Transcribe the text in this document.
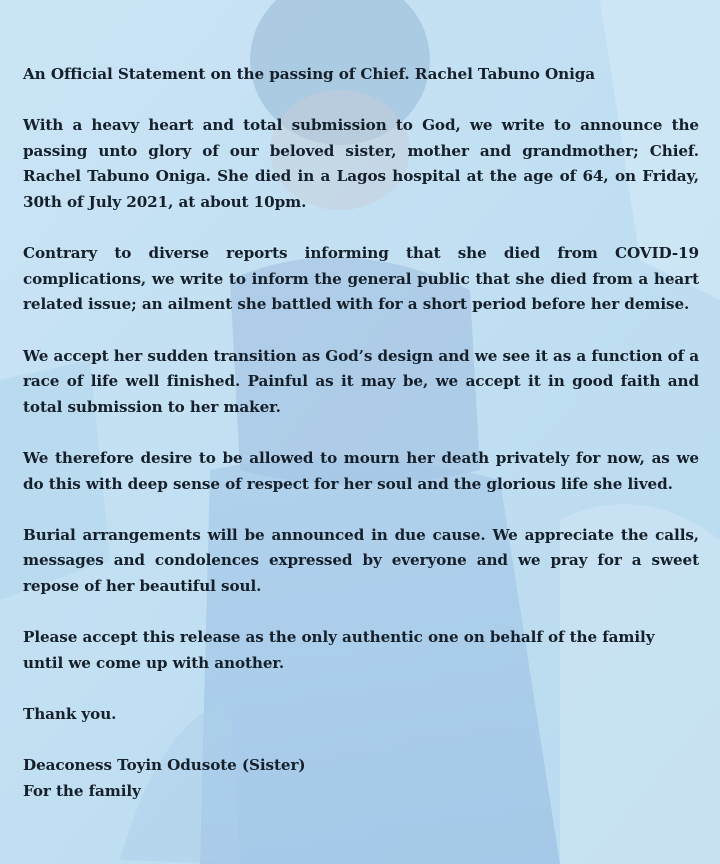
An Official Statement on the passing of Chief. Rachel Tabuno Oniga

With a heavy heart and total submission to God, we write to announce the passing unto glory of our beloved sister, mother and grandmother; Chief. Rachel Tabuno Oniga. She died in a Lagos hospital at the age of 64, on Friday, 30th of July 2021, at about 10pm.

Contrary to diverse reports informing that she died from COVID-19 complications, we write to inform the general public that she died from a heart related issue; an ailment she battled with for a short period before her demise.

We accept her sudden transition as God’s design and we see it as a function of a race of life well finished. Painful as it may be, we accept it in good faith and total submission to her maker.

We therefore desire to be allowed to mourn her death privately for now, as we do this with deep sense of respect for her soul and the glorious life she lived.

Burial arrangements will be announced in due cause. We appreciate the calls, messages and condolences expressed by everyone and we pray for a sweet repose of her beautiful soul.

Please accept this release as the only authentic one on behalf of the family until we come up with another.

Thank you.

Deaconess Toyin Odusote (Sister)
For the family
